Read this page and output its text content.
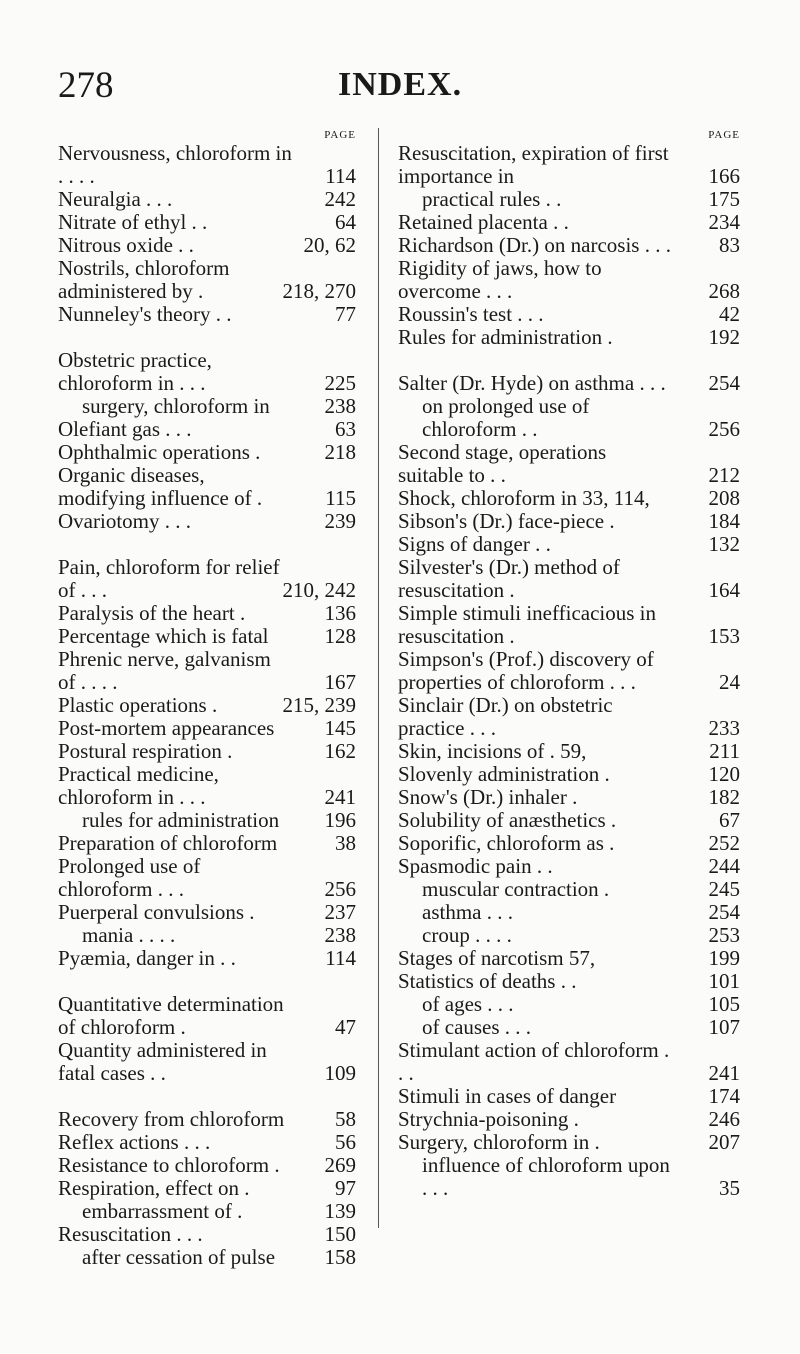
278	INDEX.
PAGE
Nervousness, chloroform in . . . .	114
Neuralgia . . .	242
Nitrate of ethyl . .	64
Nitrous oxide . .	20, 62
Nostrils, chloroform administered by .	218, 270
Nunneley's theory . .	77
Obstetric practice, chloroform in . . .	225
surgery, chloroform in	238
Olefiant gas . . .	63
Ophthalmic operations .	218
Organic diseases, modifying influence of .	115
Ovariotomy . . .	239
Pain, chloroform for relief of . . .	210, 242
Paralysis of the heart .	136
Percentage which is fatal	128
Phrenic nerve, galvanism of . . . .	167
Plastic operations .	215, 239
Post-mortem appearances	145
Postural respiration .	162
Practical medicine, chloroform in . . .	241
rules for administration	196
Preparation of chloroform	38
Prolonged use of chloroform . . .	256
Puerperal convulsions .	237
mania . . . .	238
Pyæmia, danger in . .	114
Quantitative determination of chloroform .	47
Quantity administered in fatal cases . .	109
Recovery from chloroform	58
Reflex actions . . .	56
Resistance to chloroform .	269
Respiration, effect on .	97
embarrassment of .	139
Resuscitation . . .	150
after cessation of pulse	158
PAGE
Resuscitation, expiration of first importance in	166
practical rules . .	175
Retained placenta . .	234
Richardson (Dr.) on narcosis . . .	83
Rigidity of jaws, how to overcome . . .	268
Roussin's test . . .	42
Rules for administration .	192
Salter (Dr. Hyde) on asthma . . .	254
on prolonged use of chloroform . .	256
Second stage, operations suitable to . .	212
Shock, chloroform in 33, 114,	208
Sibson's (Dr.) face-piece .	184
Signs of danger . .	132
Silvester's (Dr.) method of resuscitation .	164
Simple stimuli inefficacious in resuscitation .	153
Simpson's (Prof.) discovery of properties of chloroform . . .	24
Sinclair (Dr.) on obstetric practice . . .	233
Skin, incisions of . 59,	211
Slovenly administration .	120
Snow's (Dr.) inhaler .	182
Solubility of anæsthetics .	67
Soporific, chloroform as .	252
Spasmodic pain . .	244
muscular contraction .	245
asthma . . .	254
croup . . . .	253
Stages of narcotism 57,	199
Statistics of deaths . .	101
of ages . . .	105
of causes . . .	107
Stimulant action of chloroform . . .	241
Stimuli in cases of danger	174
Strychnia-poisoning .	246
Surgery, chloroform in .	207
influence of chloroform upon . . .	35
